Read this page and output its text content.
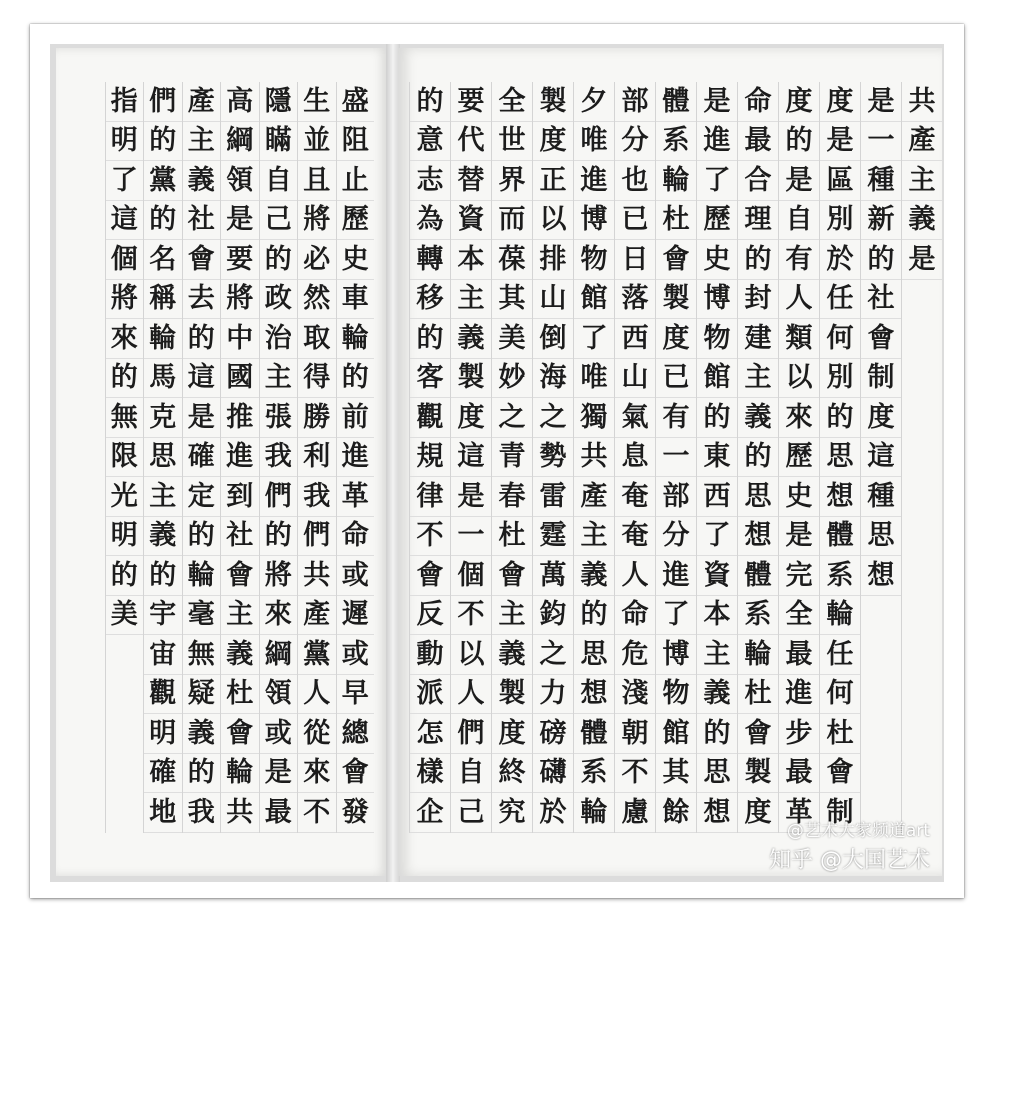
盛
阻
止
歷
史
車
輪
的
前
進
革
命
或
遲
或
早
總
會
發
生
並
且
將
必
然
取
得
勝
利
我
們
共
產
黨
人
從
來
不
隱
瞞
自
己
的
政
治
主
張
我
們
的
將
來
綱
領
或
是
最
高
綱
領
是
要
將
中
國
推
進
到
社
會
主
義
杜
會
輪
共
產
主
義
社
會
去
的
這
是
確
定
的
輪
毫
無
疑
義
的
我
們
的
黨
的
名
稱
輪
馬
克
思
主
義
的
宇
宙
觀
明
確
地
指
明
了
這
個
將
來
的
無
限
光
明
的
美
共
產
主
義
是
是
一
種
新
的
社
會
制
度
這
種
思
想
度
是
區
別
於
任
何
別
的
思
想
體
系
輪
任
何
杜
會
制
度
的
是
自
有
人
類
以
來
歷
史
是
完
全
最
進
步
最
革
命
最
合
理
的
封
建
主
義
的
思
想
體
系
輪
杜
會
製
度
是
進
了
歷
史
博
物
館
的
東
西
了
資
本
主
義
的
思
想
體
系
輪
杜
會
製
度
已
有
一
部
分
進
了
博
物
館
其
餘
部
分
也
已
日
落
西
山
氣
息
奄
奄
人
命
危
淺
朝
不
慮
夕
唯
進
博
物
館
了
唯
獨
共
產
主
義
的
思
想
體
系
輪
製
度
正
以
排
山
倒
海
之
勢
雷
霆
萬
鈞
之
力
磅
礴
於
全
世
界
而
葆
其
美
妙
之
青
春
杜
會
主
義
製
度
終
究
要
代
替
資
本
主
義
製
度
這
是
一
個
不
以
人
們
自
己
的
意
志
為
轉
移
的
客
觀
規
律
不
會
反
動
派
怎
樣
企
@艺术大家频道art
知乎 @大国艺术
